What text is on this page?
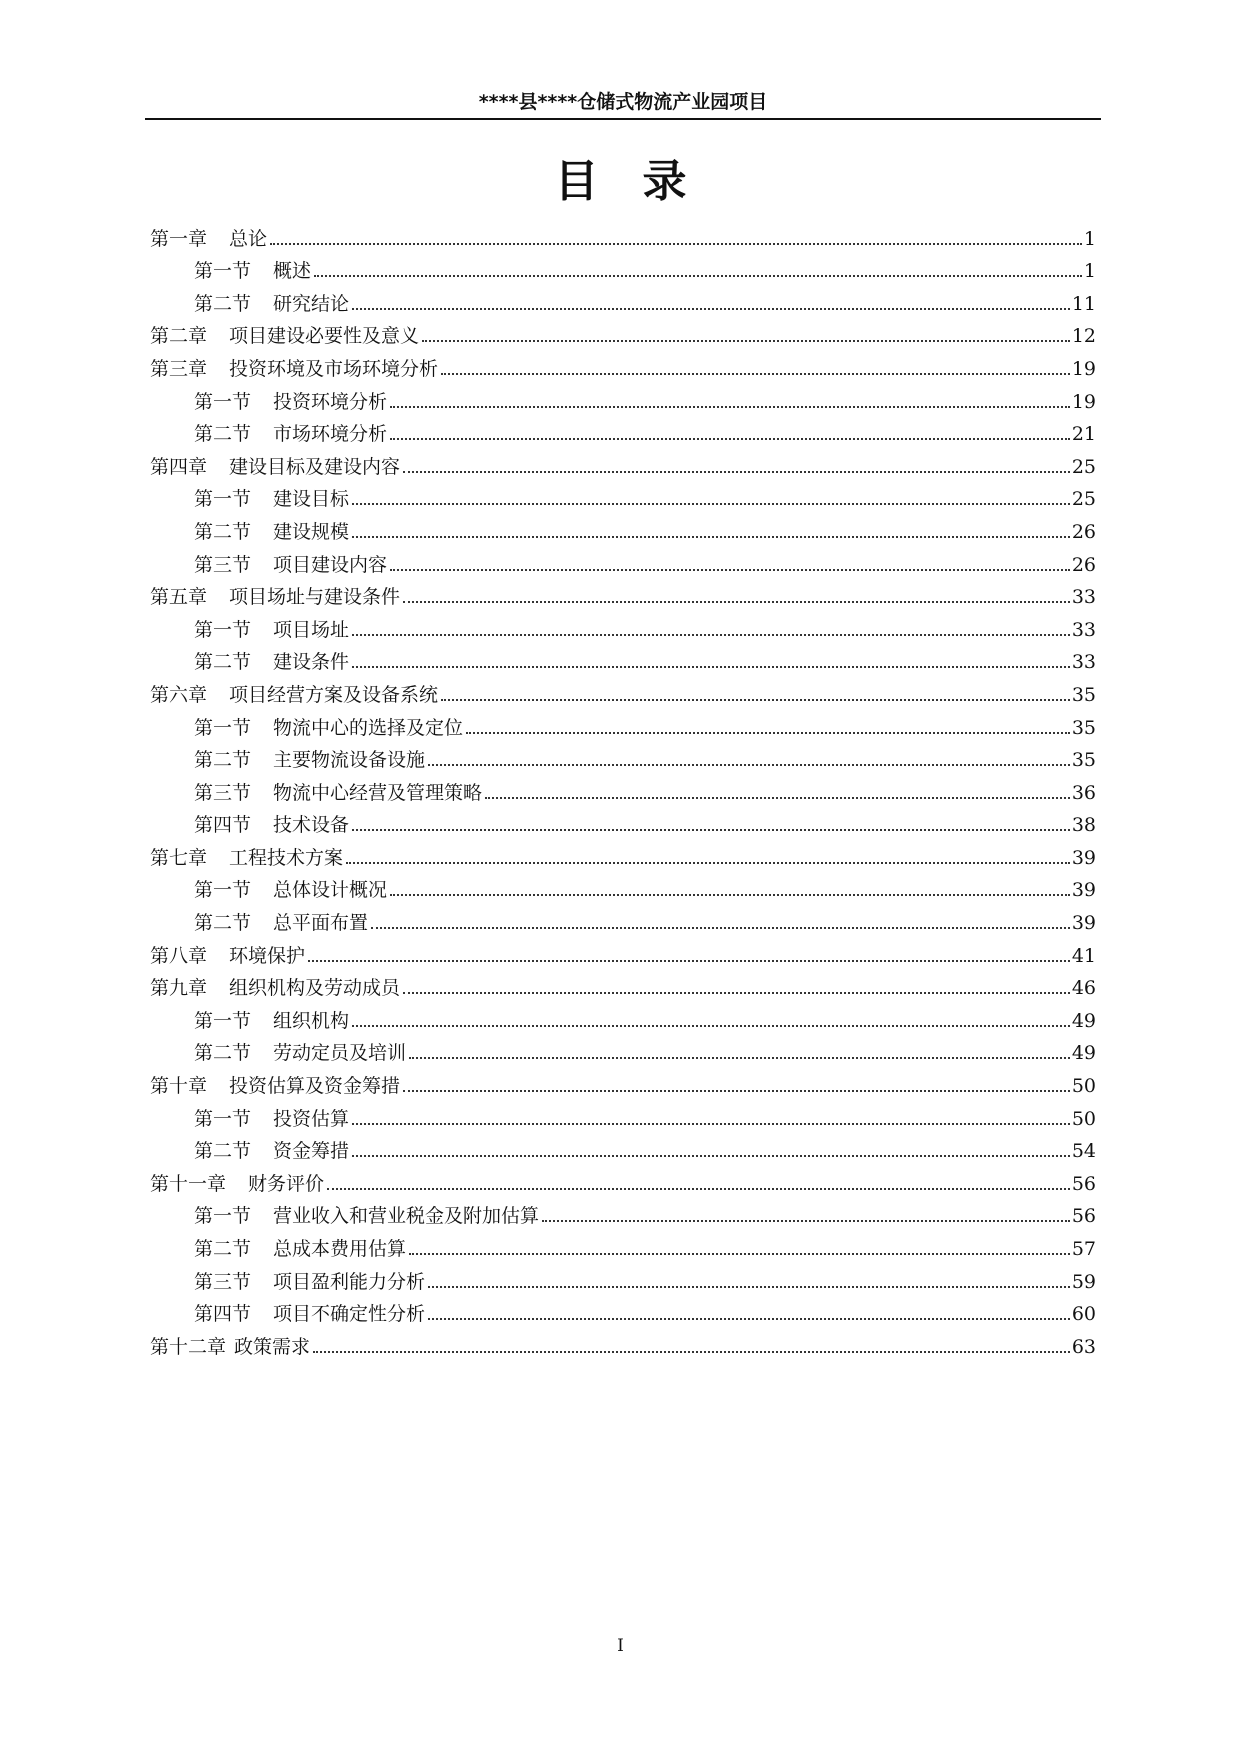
****县****仓储式物流产业园项目
目录
第一章 总论	1
第一节 概述	1
第二节 研究结论	11
第二章 项目建设必要性及意义	12
第三章 投资环境及市场环境分析	19
第一节 投资环境分析	19
第二节 市场环境分析	21
第四章 建设目标及建设内容	25
第一节 建设目标	25
第二节 建设规模	26
第三节 项目建设内容	26
第五章 项目场址与建设条件	33
第一节 项目场址	33
第二节 建设条件	33
第六章 项目经营方案及设备系统	35
第一节 物流中心的选择及定位	35
第二节 主要物流设备设施	35
第三节 物流中心经营及管理策略	36
第四节 技术设备	38
第七章 工程技术方案	39
第一节 总体设计概况	39
第二节 总平面布置	39
第八章 环境保护	41
第九章 组织机构及劳动成员	46
第一节 组织机构	49
第二节 劳动定员及培训	49
第十章 投资估算及资金筹措	50
第一节 投资估算	50
第二节 资金筹措	54
第十一章 财务评价	56
第一节 营业收入和营业税金及附加估算	56
第二节 总成本费用估算	57
第三节 项目盈利能力分析	59
第四节 项目不确定性分析	60
第十二章 政策需求	63
I
